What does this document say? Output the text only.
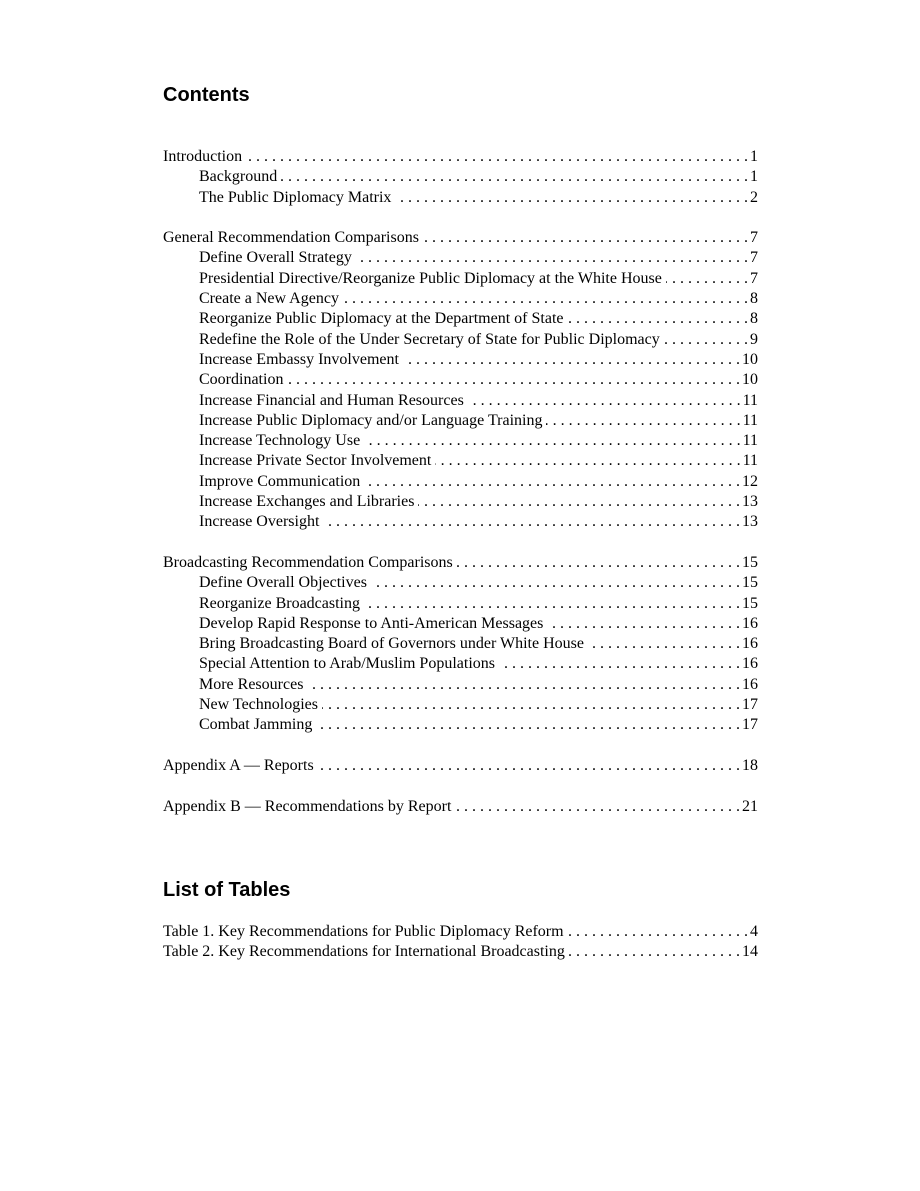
Contents
Introduction . . .	1
Background . . .	1
The Public Diplomacy Matrix . . .	2
General Recommendation Comparisons . . .	7
Define Overall Strategy . . .	7
Presidential Directive/Reorganize Public Diplomacy at the White House . . .	7
Create a New Agency . . .	8
Reorganize Public Diplomacy at the Department of State . . .	8
Redefine the Role of the Under Secretary of State for Public Diplomacy . . .	9
Increase Embassy Involvement . . .	10
Coordination . . .	10
Increase Financial and Human Resources . . .	11
Increase Public Diplomacy and/or Language Training . . .	11
Increase Technology Use . . .	11
Increase Private Sector Involvement . . .	11
Improve Communication . . .	12
Increase Exchanges and Libraries . . .	13
Increase Oversight . . .	13
Broadcasting Recommendation Comparisons . . .	15
Define Overall Objectives . . .	15
Reorganize Broadcasting . . .	15
Develop Rapid Response to Anti-American Messages . . .	16
Bring Broadcasting Board of Governors under White House . . .	16
Special Attention to Arab/Muslim Populations . . .	16
More Resources . . .	16
New Technologies . . .	17
Combat Jamming . . .	17
Appendix A — Reports . . .	18
Appendix B — Recommendations by Report . . .	21
List of Tables
Table 1. Key Recommendations for Public Diplomacy Reform . . .	4
Table 2. Key Recommendations for International Broadcasting . . .	14
